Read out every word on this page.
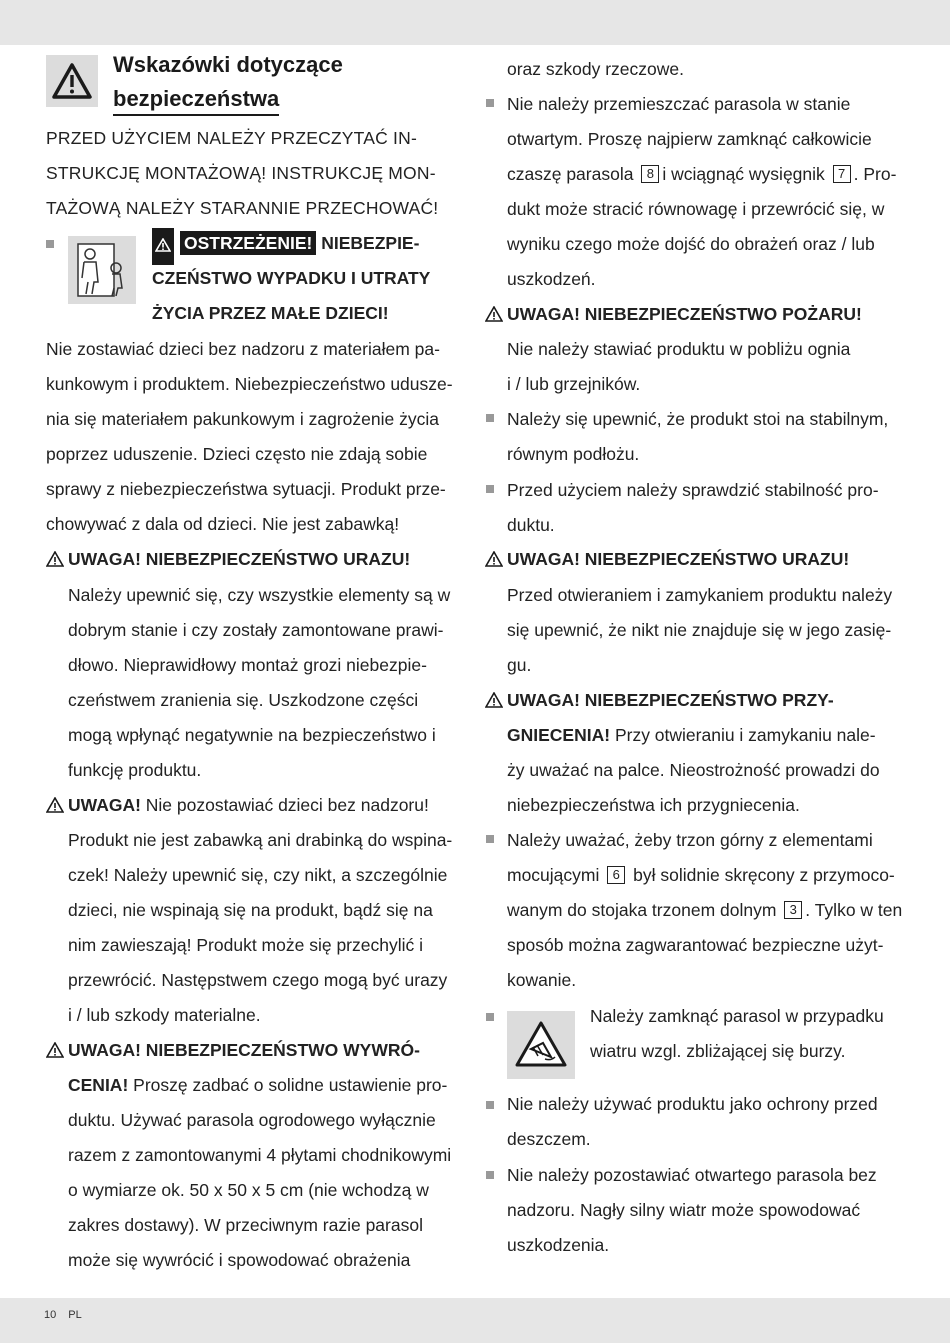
Wskazówki dotyczące
bezpieczeństwa
PRZED UŻYCIEM NALEŻY PRZECZYTAĆ IN-
STRUKCJĘ MONTAŻOWĄ! INSTRUKCJĘ MON-
TAŻOWĄ NALEŻY STARANNIE PRZECHOWAĆ!
OSTRZEŻENIE! NIEBEZPIE-
CZEŃSTWO WYPADKU I UTRATY
ŻYCIA PRZEZ MAŁE DZIECI!
Nie zostawiać dzieci bez nadzoru z materiałem pa-
kunkowym i produktem. Niebezpieczeństwo udusze-
nia się materiałem pakunkowym i zagrożenie życia
poprzez uduszenie. Dzieci często nie zdają sobie
sprawy z niebezpieczeństwa sytuacji. Produkt prze-
chowywać z dala od dzieci. Nie jest zabawką!
UWAGA! NIEBEZPIECZEŃSTWO URAZU!
Należy upewnić się, czy wszystkie elementy są w
dobrym stanie i czy zostały zamontowane prawi-
dłowo. Nieprawidłowy montaż grozi niebezpie-
czeństwem zranienia się. Uszkodzone części
mogą wpłynąć negatywnie na bezpieczeństwo i
funkcję produktu.
UWAGA! Nie pozostawiać dzieci bez nadzoru!
Produkt nie jest zabawką ani drabinką do wspina-
czek! Należy upewnić się, czy nikt, a szczególnie
dzieci, nie wspinają się na produkt, bądź się na
nim zawieszają! Produkt może się przechylić i
przewrócić. Następstwem czego mogą być urazy
i / lub szkody materialne.
UWAGA! NIEBEZPIECZEŃSTWO WYWRÓ-
CENIA! Proszę zadbać o solidne ustawienie pro-
duktu. Używać parasola ogrodowego wyłącznie
razem z zamontowanymi 4 płytami chodnikowymi
o wymiarze ok. 50 x 50 x 5 cm (nie wchodzą w
zakres dostawy). W przeciwnym razie parasol
może się wywrócić i spowodować obrażenia
oraz szkody rzeczowe.
Nie należy przemieszczać parasola w stanie
otwartym. Proszę najpierw zamknąć całkowicie
czaszę parasola 8 i wciągnąć wysięgnik 7 . Pro-
dukt może stracić równowagę i przewrócić się, w
wyniku czego może dojść do obrażeń oraz / lub
uszkodzeń.
UWAGA! NIEBEZPIECZEŃSTWO POŻARU!
Nie należy stawiać produktu w pobliżu ognia
i / lub grzejników.
Należy się upewnić, że produkt stoi na stabilnym,
równym podłożu.
Przed użyciem należy sprawdzić stabilność pro-
duktu.
UWAGA! NIEBEZPIECZEŃSTWO URAZU!
Przed otwieraniem i zamykaniem produktu należy
się upewnić, że nikt nie znajduje się w jego zasię-
gu.
UWAGA! NIEBEZPIECZEŃSTWO PRZY-
GNIECENIA! Przy otwieraniu i zamykaniu nale-
ży uważać na palce. Nieostrożność prowadzi do
niebezpieczeństwa ich przygniecenia.
Należy uważać, żeby trzon górny z elementami
mocującymi 6 był solidnie skręcony z przymoco-
wanym do stojaka trzonem dolnym 3 . Tylko w ten
sposób można zagwarantować bezpieczne użyt-
kowanie.
Należy zamknąć parasol w przypadku
wiatru wzgl. zbliżającej się burzy.
Nie należy używać produktu jako ochrony przed
deszczem.
Nie należy pozostawiać otwartego parasola bez
nadzoru. Nagły silny wiatr może spowodować
uszkodzenia.
10 PL
